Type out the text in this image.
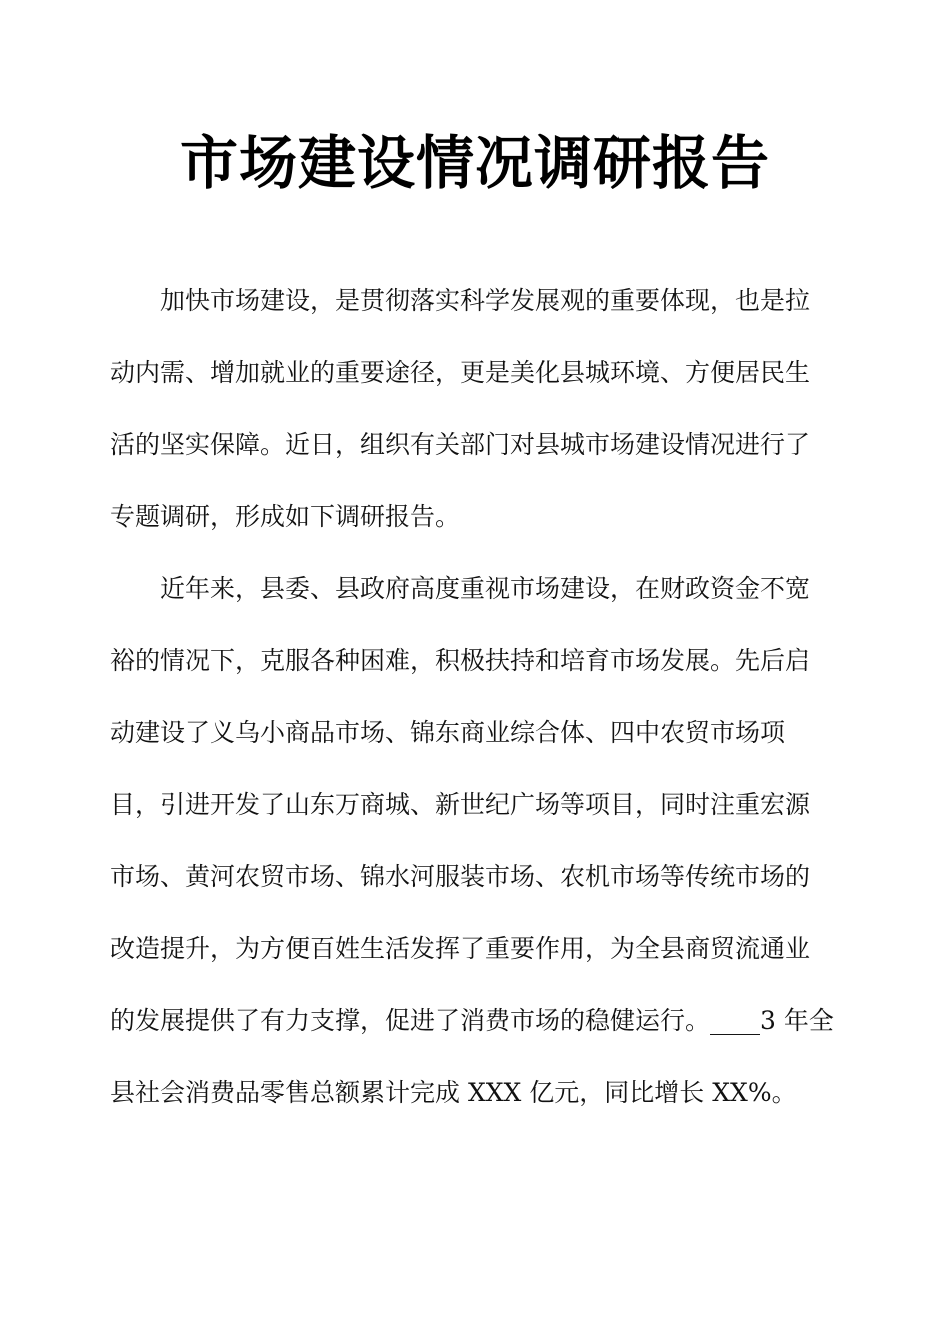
市场建设情况调研报告
加快市场建设，是贯彻落实科学发展观的重要体现，也是拉
动内需、增加就业的重要途径，更是美化县城环境、方便居民生
活的坚实保障。近日，组织有关部门对县城市场建设情况进行了
专题调研，形成如下调研报告。
近年来，县委、县政府高度重视市场建设，在财政资金不宽
裕的情况下，克服各种困难，积极扶持和培育市场发展。先后启
动建设了义乌小商品市场、锦东商业综合体、四中农贸市场项
目，引进开发了山东万商城、新世纪广场等项目，同时注重宏源
市场、黄河农贸市场、锦水河服装市场、农机市场等传统市场的
改造提升，为方便百姓生活发挥了重要作用，为全县商贸流通业
的发展提供了有力支撑，促进了消费市场的稳健运行。____3 年全
县社会消费品零售总额累计完成 XXX 亿元，同比增长 XX%。
